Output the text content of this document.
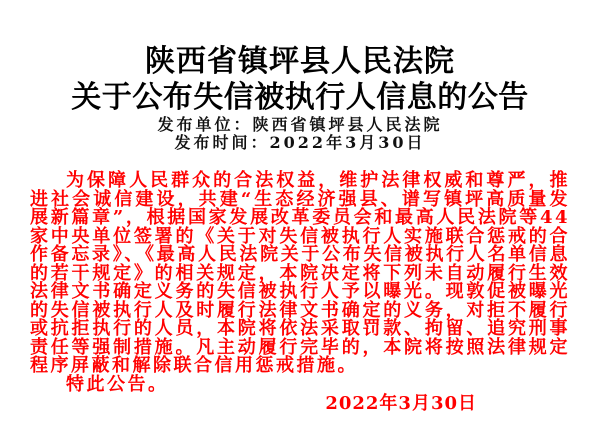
陕西省镇坪县人民法院
关于公布失信被执行人信息的公告
发布单位：陕西省镇坪县人民法院
发布时间：2022年3月30日

为保障人民群众的合法权益，维护法律权威和尊严，推进社会诚信建设，共建“生态经济强县、谱写镇坪高质量发展新篇章”，根据国家发展改革委员会和最高人民法院等44家中央单位签署的《关于对失信被执行人实施联合惩戒的合作备忘录》、《最高人民法院关于公布失信被执行人名单信息的若干规定》的相关规定，本院决定将下列未自动履行生效法律文书确定义务的失信被执行人予以曝光。现敦促被曝光的失信被执行人及时履行法律文书确定的义务，对拒不履行或抗拒执行的人员，本院将依法采取罚款、拘留、追究刑事责任等强制措施。凡主动履行完毕的，本院将按照法律规定程序屏蔽和解除联合信用惩戒措施。

特此公告。

2022年3月30日
